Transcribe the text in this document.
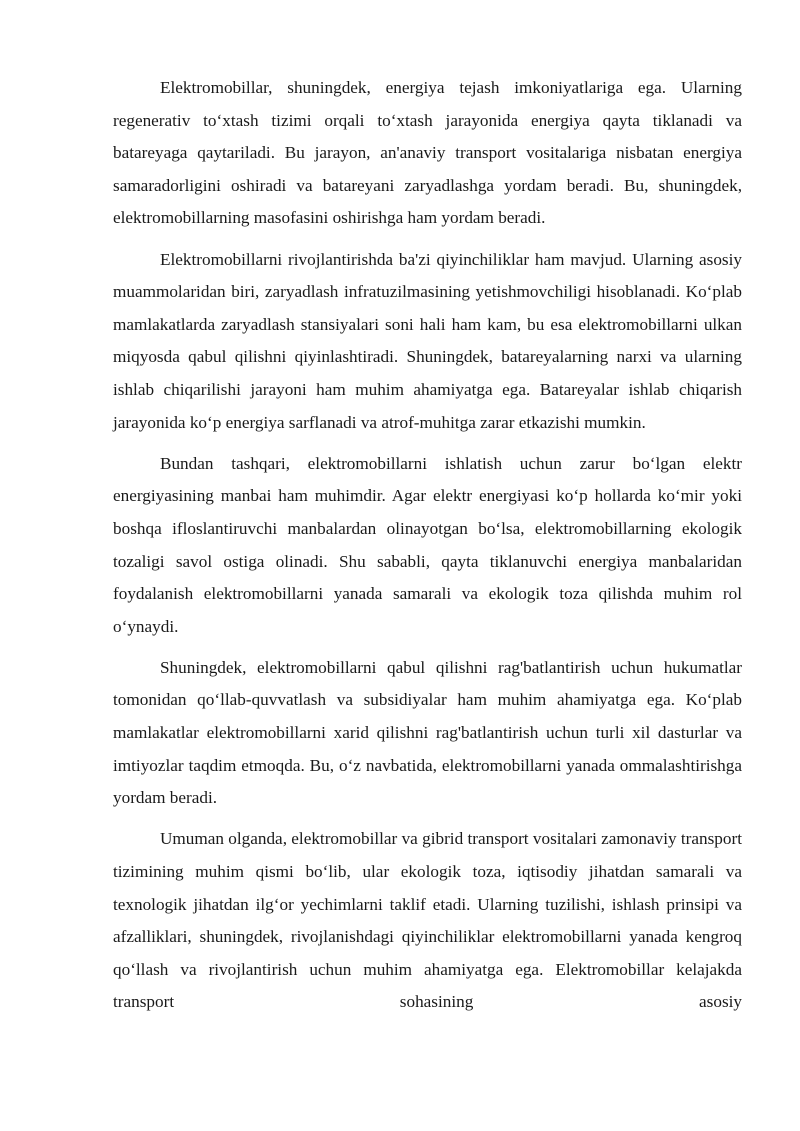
Elektromobillar, shuningdek, energiya tejash imkoniyatlariga ega. Ularning regenerativ to‘xtash tizimi orqali to‘xtash jarayonida energiya qayta tiklanadi va batareyaga qaytariladi. Bu jarayon, an'anaviy transport vositalariga nisbatan energiya samaradorligini oshiradi va batareyani zaryadlashga yordam beradi. Bu, shuningdek, elektromobillarning masofasini oshirishga ham yordam beradi.

Elektromobillarni rivojlantirishda ba'zi qiyinchiliklar ham mavjud. Ularning asosiy muammolaridan biri, zaryadlash infratuzilmasining yetishmovchiligi hisoblanadi. Ko‘plab mamlakatlarda zaryadlash stansiyalari soni hali ham kam, bu esa elektromobillarni ulkan miqyosda qabul qilishni qiyinlashtiradi. Shuningdek, batareyalarning narxi va ularning ishlab chiqarilishi jarayoni ham muhim ahamiyatga ega. Batareyalar ishlab chiqarish jarayonida ko‘p energiya sarflanadi va atrof-muhitga zarar etkazishi mumkin.

Bundan tashqari, elektromobillarni ishlatish uchun zarur bo‘lgan elektr energiyasining manbai ham muhimdir. Agar elektr energiyasi ko‘p hollarda ko‘mir yoki boshqa ifloslantiruvchi manbalardan olinayotgan bo‘lsa, elektromobillarning ekologik tozaligi savol ostiga olinadi. Shu sababli, qayta tiklanuvchi energiya manbalaridan foydalanish elektromobillarni yanada samarali va ekologik toza qilishda muhim rol o‘ynaydi.

Shuningdek, elektromobillarni qabul qilishni rag'batlantirish uchun hukumatlar tomonidan qo‘llab-quvvatlash va subsidiyalar ham muhim ahamiyatga ega. Ko‘plab mamlakatlar elektromobillarni xarid qilishni rag'batlantirish uchun turli xil dasturlar va imtiyozlar taqdim etmoqda. Bu, o‘z navbatida, elektromobillarni yanada ommalashtirishga yordam beradi.

Umuman olganda, elektromobillar va gibrid transport vositalari zamonaviy transport tizimining muhim qismi bo‘lib, ular ekologik toza, iqtisodiy jihatdan samarali va texnologik jihatdan ilg‘or yechimlarni taklif etadi. Ularning tuzilishi, ishlash prinsipi va afzalliklari, shuningdek, rivojlanishdagi qiyinchiliklar elektromobillarni yanada kengroq qo‘llash va rivojlantirish uchun muhim ahamiyatga ega. Elektromobillar kelajakda transport sohasining asosiy
